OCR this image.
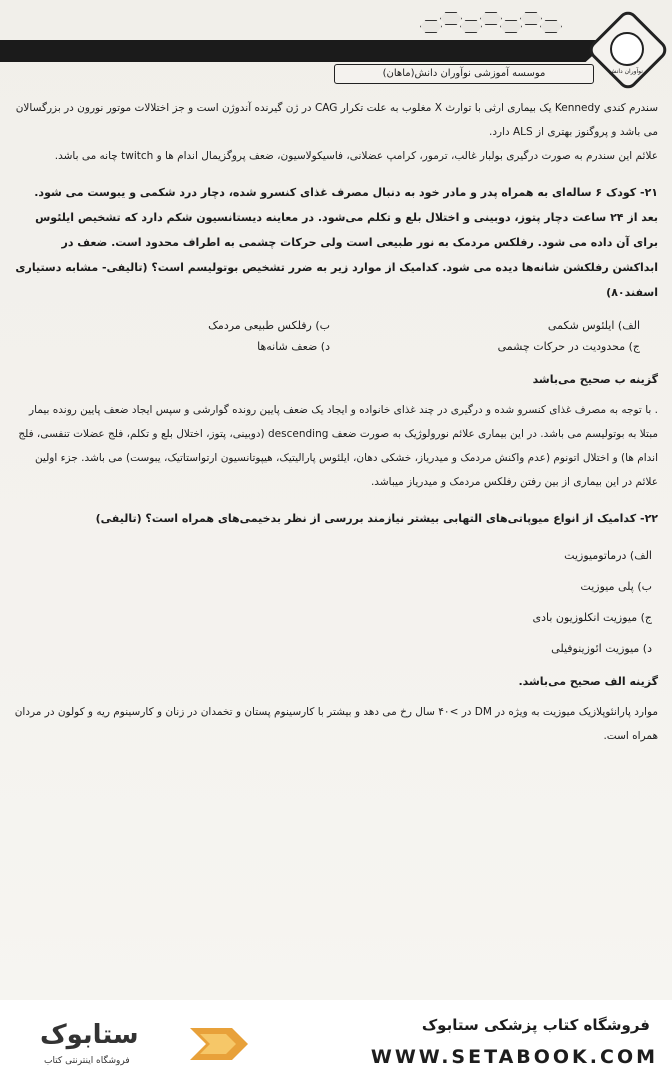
موسسه آموزشی نوآوران دانش(ماهان)	نوآوران دانش

سندرم کندی Kennedy یک بیماری ارثی با توارث X مغلوب به علت تکرار CAG در ژن گیرنده آندوژن است و جز اختلالات موتور نورون در بزرگسالان می باشد و پروگنوز بهتری از ALS دارد.

علائم این سندرم به صورت درگیری بولبار غالب، ترمور، کرامپ عضلانی، فاسیکولاسیون، ضعف پروگزیمال اندام ها و twitch چانه می باشد.

۲۱- کودک ۶ ساله‌ای به همراه پدر و مادر خود به دنبال مصرف غذای کنسرو شده، دچار درد شکمی و یبوست می شود. بعد از ۲۴ ساعت دچار پتوز، دوبینی و اختلال بلع و تکلم می‌شود. در معاینه دیستانسیون شکم دارد که تشخیص ایلئوس برای آن داده می شود. رفلکس مردمک به نور طبیعی است ولی حرکات چشمی به اطراف محدود است. ضعف در ابداکشن رفلکشن شانه‌ها دیده می شود. کدامیک از موارد زیر به ضرر تشخیص بوتولیسم است؟ (تالیفی- مشابه دستیاری اسفند۸۰)

الف) ایلئوس شکمی
ب) رفلکس طبیعی مردمک
ج) محدودیت در حرکات چشمی
د) ضعف شانه‌ها

گزینه ب صحیح می‌باشد

. با توجه به مصرف غذای کنسرو شده و درگیری در چند غذای خانواده و ایجاد یک ضعف پایین رونده گوارشی و سپس ایجاد ضعف پایین رونده بیمار مبتلا به بوتولیسم می باشد. در این بیماری علائم نورولوژیک به صورت ضعف descending (دوبینی، پتوز، اختلال بلع و تکلم، فلج عضلات تنفسی، فلج اندام ها) و اختلال اتونوم (عدم واکنش مردمک و میدریاز، خشکی دهان، ایلئوس پارالیتیک، هیپوتانسیون ارتواستاتیک، یبوست) می باشد. جزء اولین علائم در این بیماری از بین رفتن رفلکس مردمک و میدریاز میباشد.

۲۲- کدامیک از انواع میوپاتی‌های التهابی بیشتر نیازمند بررسی از نظر بدخیمی‌های همراه است؟ (تالیفی)

الف) درماتومیوزیت

ب) پلی میوزیت

ج) میوزیت انکلوزیون بادی

د) میوزیت ائوزینوفیلی

گزینه الف صحیح می‌باشد.

موارد پارانئوپلازیک میوزیت به ویژه در DM در >۴۰ سال رخ می دهد و بیشتر با کارسینوم پستان و تخمدان در زنان و کارسینوم ریه و کولون در مردان همراه است.

فروشگاه کتاب پزشکی ستابوک
WWW.SETABOOK.COM
ستابوک
فروشگاه اینترنتی کتاب
